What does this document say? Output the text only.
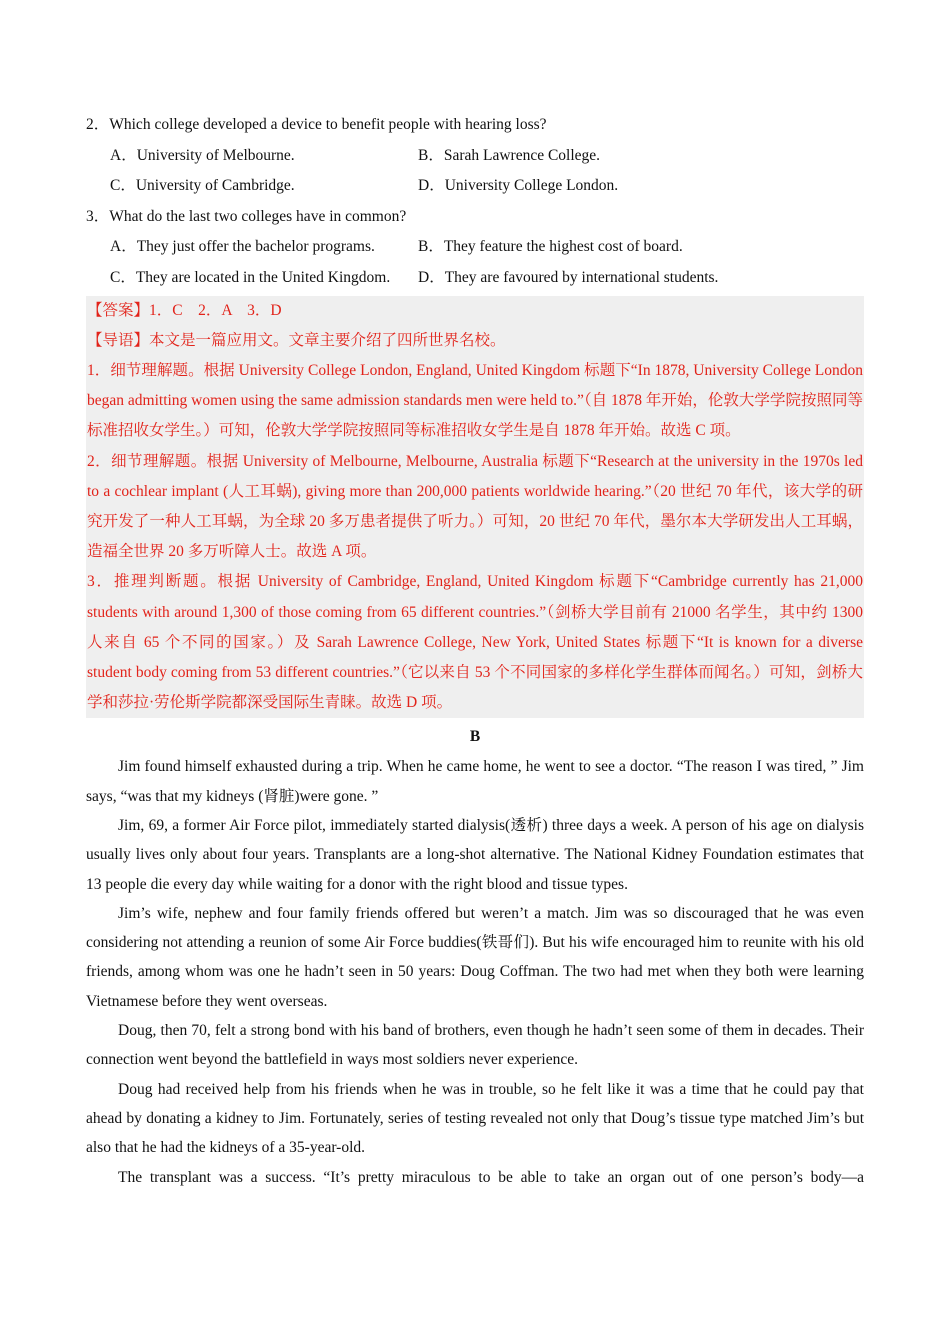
2．Which college developed a device to benefit people with hearing loss?
A．University of Melbourne.	B．Sarah Lawrence College.
C．University of Cambridge.	D．University College London.
3．What do the last two colleges have in common?
A．They just offer the bachelor programs.	B．They feature the highest cost of board.
C．They are located in the United Kingdom.	D．They are favoured by international students.

【答案】1．C　2．A　3．D

【导语】本文是一篇应用文。文章主要介绍了四所世界名校。

1．细节理解题。根据 University College London, England, United Kingdom 标题下“In 1878, University College London began admitting women using the same admission standards men were held to.”（自 1878 年开始，伦敦大学学院按照同等标准招收女学生。）可知，伦敦大学学院按照同等标准招收女学生是自 1878 年开始。故选 C 项。

2．细节理解题。根据 University of Melbourne, Melbourne, Australia 标题下“Research at the university in the 1970s led to a cochlear implant (人工耳蜗), giving more than 200,000 patients worldwide hearing.”（20 世纪 70 年代，该大学的研究开发了一种人工耳蜗，为全球 20 多万患者提供了听力。）可知，20 世纪 70 年代，墨尔本大学研发出人工耳蜗，造福全世界 20 多万听障人士。故选 A 项。

3．推理判断题。根据 University of Cambridge, England, United Kingdom 标题下“Cambridge currently has 21,000 students with around 1,300 of those coming from 65 different countries.”（剑桥大学目前有 21000 名学生，其中约 1300 人来自 65 个不同的国家。）及 Sarah Lawrence College, New York, United States 标题下“It is known for a diverse student body coming from 53 different countries.”（它以来自 53 个不同国家的多样化学生群体而闻名。）可知，剑桥大学和莎拉·劳伦斯学院都深受国际生青睐。故选 D 项。

B

Jim found himself exhausted during a trip. When he came home, he went to see a doctor. “The reason I was tired, ” Jim says, “was that my kidneys (肾脏)were gone. ”

Jim, 69, a former Air Force pilot, immediately started dialysis(透析) three days a week. A person of his age on dialysis usually lives only about four years. Transplants are a long-shot alternative. The National Kidney Foundation estimates that 13 people die every day while waiting for a donor with the right blood and tissue types.

Jim’s wife, nephew and four family friends offered but weren’t a match. Jim was so discouraged that he was even considering not attending a reunion of some Air Force buddies(铁哥们). But his wife encouraged him to reunite with his old friends, among whom was one he hadn’t seen in 50 years: Doug Coffman. The two had met when they both were learning Vietnamese before they went overseas.

Doug, then 70, felt a strong bond with his band of brothers, even though he hadn’t seen some of them in decades. Their connection went beyond the battlefield in ways most soldiers never experience.

Doug had received help from his friends when he was in trouble, so he felt like it was a time that he could pay that ahead by donating a kidney to Jim. Fortunately, series of testing revealed not only that Doug’s tissue type matched Jim’s but also that he had the kidneys of a 35-year-old.

The transplant was a success. “It’s pretty miraculous to be able to take an organ out of one person’s body—a
